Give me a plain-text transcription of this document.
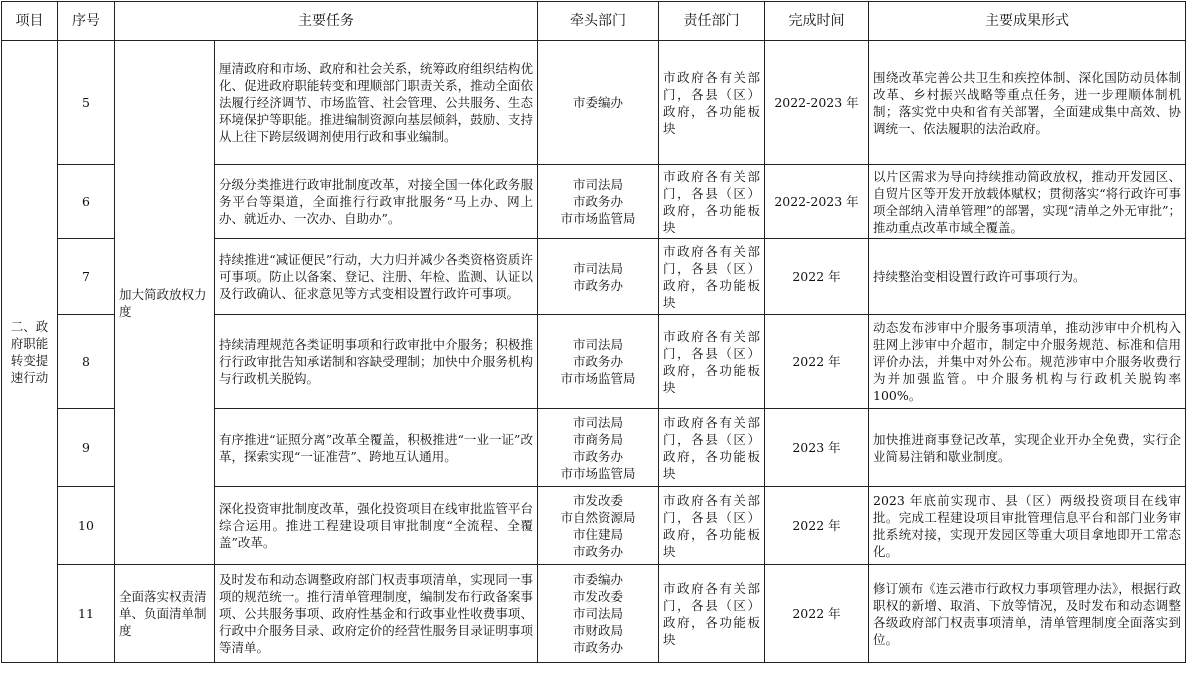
项目	序号	主要任务		牵头部门	责任部门	完成时间	主要成果形式
二、政府职能转变提速行动	5	加大简政放权力度	厘清政府和市场、政府和社会关系，统筹政府组织结构优化、促进政府职能转变和理顺部门职责关系，推动全面依法履行经济调节、市场监管、社会管理、公共服务、生态环境保护等职能。推进编制资源向基层倾斜，鼓励、支持从上往下跨层级调剂使用行政和事业编制。	市委编办	市政府各有关部门，各县（区）政府，各功能板块	2022-2023 年	围绕改革完善公共卫生和疾控体制、深化国防动员体制改革、乡村振兴战略等重点任务，进一步理顺体制机制；落实党中央和省有关部署，全面建成集中高效、协调统一、依法履职的法治政府。
	6		分级分类推进行政审批制度改革，对接全国一体化政务服务平台等渠道，全面推行行政审批服务“马上办、网上办、就近办、一次办、自助办”。	市司法局
市政务办
市市场监管局	市政府各有关部门，各县（区）政府，各功能板块	2022-2023 年	以片区需求为导向持续推动简政放权，推动开发园区、自贸片区等开发开放载体赋权；贯彻落实“将行政许可事项全部纳入清单管理”的部署，实现“清单之外无审批”；推动重点改革市域全覆盖。
	7		持续推进“减证便民”行动，大力归并减少各类资格资质许可事项。防止以备案、登记、注册、年检、监测、认证以及行政确认、征求意见等方式变相设置行政许可事项。	市司法局
市政务办	市政府各有关部门，各县（区）政府，各功能板块	2022 年	持续整治变相设置行政许可事项行为。
	8		持续清理规范各类证明事项和行政审批中介服务；积极推行行政审批告知承诺制和容缺受理制；加快中介服务机构与行政机关脱钩。	市司法局
市政务办
市市场监管局	市政府各有关部门，各县（区）政府，各功能板块	2022 年	动态发布涉审中介服务事项清单，推动涉审中介机构入驻网上涉审中介超市，制定中介服务规范、标准和信用评价办法，并集中对外公布。规范涉审中介服务收费行为并加强监管。中介服务机构与行政机关脱钩率 100%。
	9		有序推进“证照分离”改革全覆盖，积极推进“一业一证”改革，探索实现“一证准营”、跨地互认通用。	市司法局
市商务局
市政务办
市市场监管局	市政府各有关部门，各县（区）政府，各功能板块	2023 年	加快推进商事登记改革，实现企业开办全免费，实行企业简易注销和歇业制度。
	10		深化投资审批制度改革，强化投资项目在线审批监管平台综合运用。推进工程建设项目审批制度“全流程、全覆盖”改革。	市发改委
市自然资源局
市住建局
市政务办	市政府各有关部门，各县（区）政府，各功能板块	2022 年	2023 年底前实现市、县（区）两级投资项目在线审批。完成工程建设项目审批管理信息平台和部门业务审批系统对接，实现开发园区等重大项目拿地即开工常态化。
	11	全面落实权责清单、负面清单制度	及时发布和动态调整政府部门权责事项清单，实现同一事项的规范统一。推行清单管理制度，编制发布行政备案事项、公共服务事项、政府性基金和行政事业性收费事项、行政中介服务目录、政府定价的经营性服务目录证明事项等清单。	市委编办
市发改委
市司法局
市财政局
市政务办	市政府各有关部门，各县（区）政府，各功能板块	2022 年	修订颁布《连云港市行政权力事项管理办法》，根据行政职权的新增、取消、下放等情况，及时发布和动态调整各级政府部门权责事项清单，清单管理制度全面落实到位。
